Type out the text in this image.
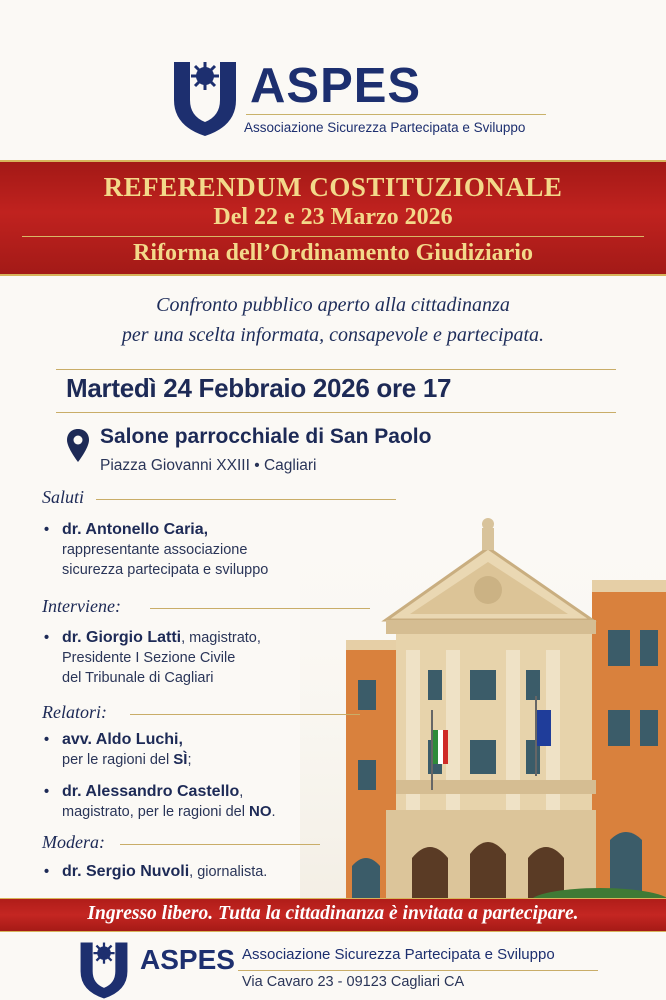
ASPES
Associazione Sicurezza Partecipata e Sviluppo
REFERENDUM COSTITUZIONALE
Del 22 e 23 Marzo 2026
Riforma dell’Ordinamento Giudiziario
Confronto pubblico aperto alla cittadinanza
per una scelta informata, consapevole e partecipata.
Martedì 24 Febbraio 2026 ore 17
Salone parrocchiale di San Paolo
Piazza Giovanni XXIII • Cagliari
Saluti
• dr. Antonello Caria,
rappresentante associazione
sicurezza partecipata e sviluppo
Interviene:
• dr. Giorgio Latti, magistrato,
Presidente I Sezione Civile
del Tribunale di Cagliari
Relatori:
• avv. Aldo Luchi,
per le ragioni del SÌ;
• dr. Alessandro Castello,
magistrato, per le ragioni del NO.
Modera:
• dr. Sergio Nuvoli, giornalista.
Ingresso libero. Tutta la cittadinanza è invitata a partecipare.
ASPES Associazione Sicurezza Partecipata e Sviluppo
Via Cavaro 23 - 09123 Cagliari CA
